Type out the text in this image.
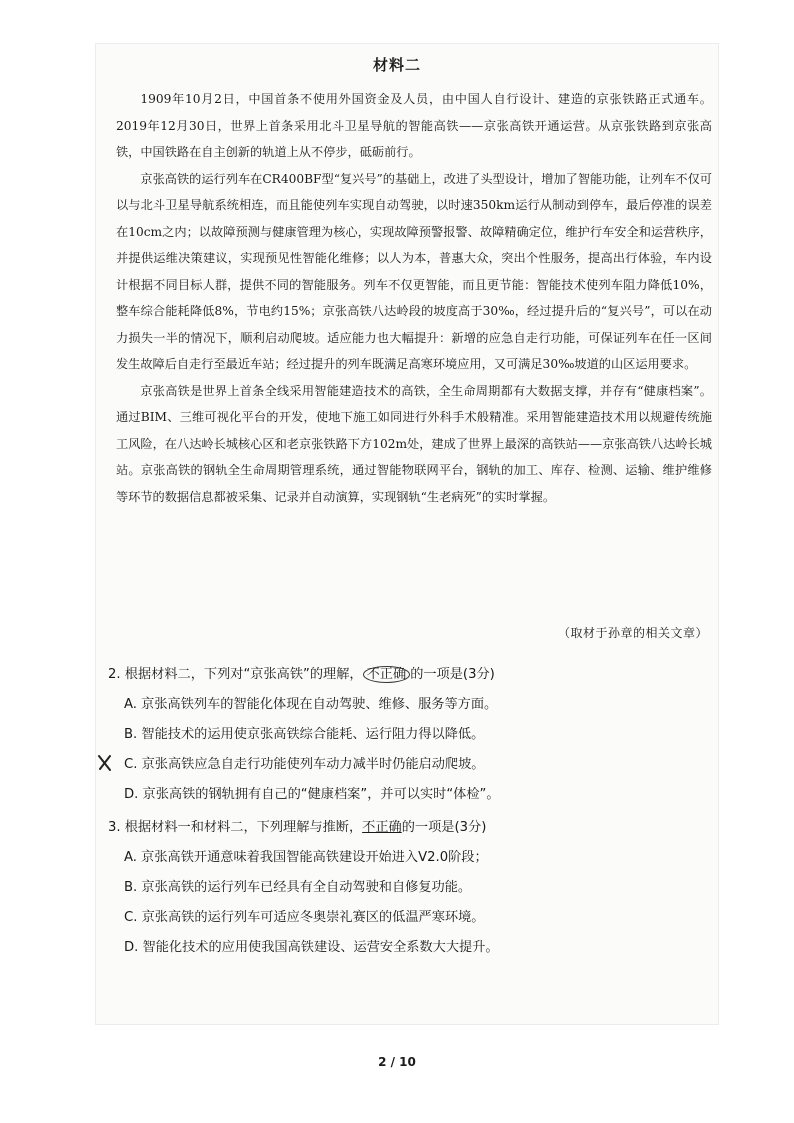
材料二

1909年10月2日，中国首条不使用外国资金及人员，由中国人自行设计、建造的京张铁路正式通车。2019年12月30日，世界上首条采用北斗卫星导航的智能高铁——京张高铁开通运营。从京张铁路到京张高铁，中国铁路在自主创新的轨道上从不停步，砥砺前行。

京张高铁的运行列车在CR400BF型“复兴号”的基础上，改进了头型设计，增加了智能功能，让列车不仅可以与北斗卫星导航系统相连，而且能使列车实现自动驾驶，以时速350km运行从制动到停车，最后停准的误差在10cm之内；以故障预测与健康管理为核心，实现故障预警报警、故障精确定位，维护行车安全和运营秩序，并提供运维决策建议，实现预见性智能化维修；以人为本，普惠大众，突出个性服务，提高出行体验，车内设计根据不同目标人群，提供不同的智能服务。列车不仅更智能，而且更节能：智能技术使列车阻力降低10%，整车综合能耗降低8%，节电约15%；京张高铁八达岭段的坡度高于30‰，经过提升后的“复兴号”，可以在动力损失一半的情况下，顺利启动爬坡。适应能力也大幅提升：新增的应急自走行功能，可保证列车在任一区间发生故障后自走行至最近车站；经过提升的列车既满足高寒环境应用，又可满足30‰坡道的山区运用要求。

京张高铁是世界上首条全线采用智能建造技术的高铁，全生命周期都有大数据支撑，并存有“健康档案”。通过BIM、三维可视化平台的开发，使地下施工如同进行外科手术般精准。采用智能建造技术用以规避传统施工风险，在八达岭长城核心区和老京张铁路下方102m处，建成了世界上最深的高铁站——京张高铁八达岭长城站。京张高铁的钢轨全生命周期管理系统，通过智能物联网平台，钢轨的加工、库存、检测、运输、维护维修等环节的数据信息都被采集、记录并自动演算，实现钢轨“生老病死”的实时掌握。

（取材于孙章的相关文章）
2. 根据材料二，下列对“京张高铁”的理解， 不正确 的一项是(3分)
A. 京张高铁列车的智能化体现在自动驾驶、维修、服务等方面。
B. 智能技术的运用使京张高铁综合能耗、运行阻力得以降低。
C. 京张高铁应急自走行功能使列车动力减半时仍能启动爬坡。
D. 京张高铁的钢轨拥有自己的“健康档案”，并可以实时“体检”。
3. 根据材料一和材料二，下列理解与推断，不正确的一项是(3分)
A. 京张高铁开通意味着我国智能高铁建设开始进入V2.0阶段；
B. 京张高铁的运行列车已经具有全自动驾驶和自修复功能。
C. 京张高铁的运行列车可适应冬奥崇礼赛区的低温严寒环境。
D. 智能化技术的应用使我国高铁建设、运营安全系数大大提升。
2 / 10
